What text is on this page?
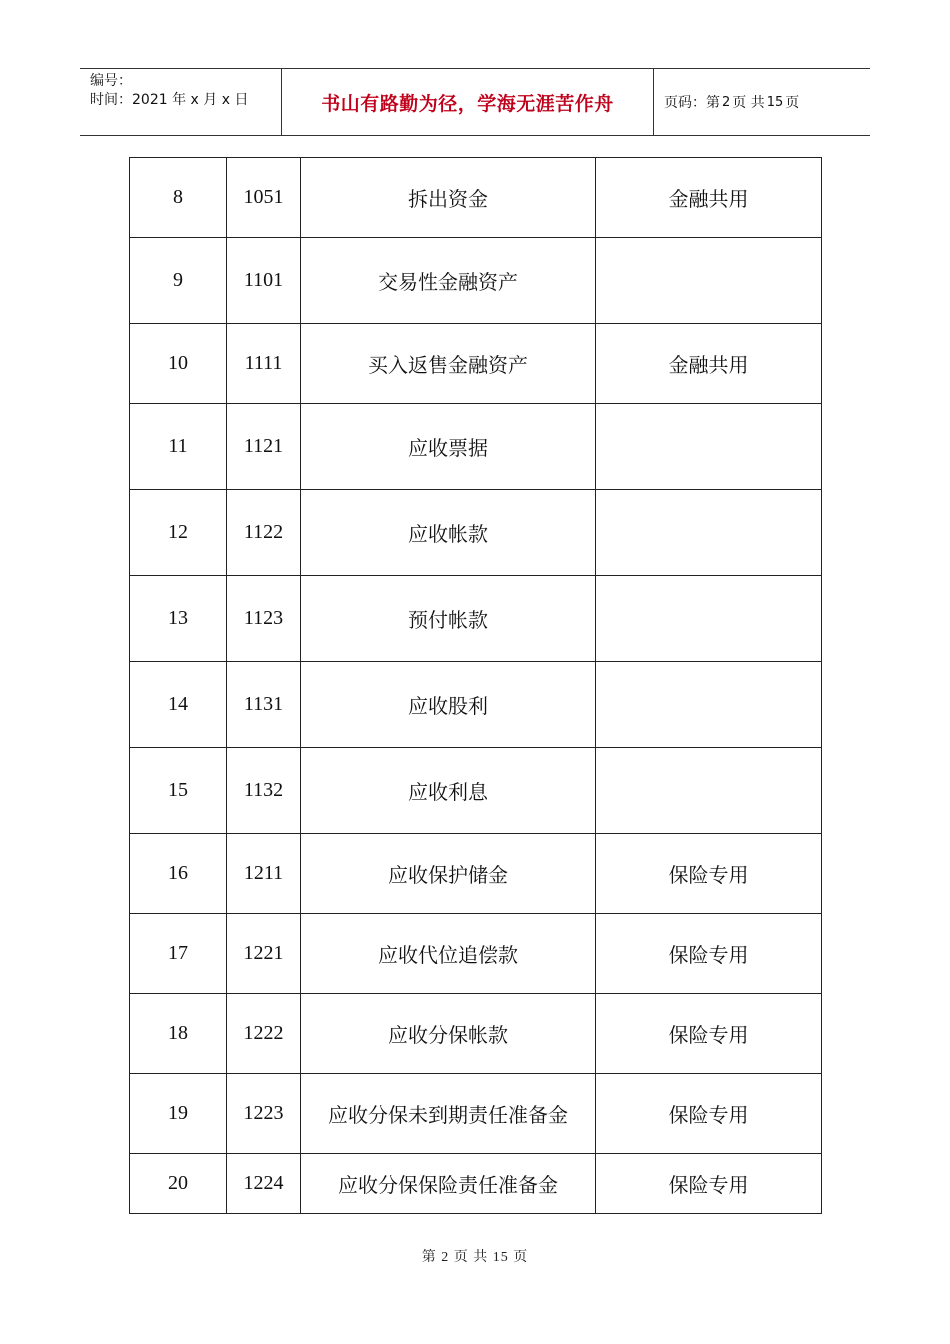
编号：
时间：2021 年 x 月 x 日	书山有路勤为径，学海无涯苦作舟	页码：第 2 页 共 15 页
8	1051	拆出资金	金融共用
9	1101	交易性金融资产	
10	1111	买入返售金融资产	金融共用
11	1121	应收票据	
12	1122	应收帐款	
13	1123	预付帐款	
14	1131	应收股利	
15	1132	应收利息	
16	1211	应收保护储金	保险专用
17	1221	应收代位追偿款	保险专用
18	1222	应收分保帐款	保险专用
19	1223	应收分保未到期责任准备金	保险专用
20	1224	应收分保保险责任准备金	保险专用
第 2 页 共 15 页
